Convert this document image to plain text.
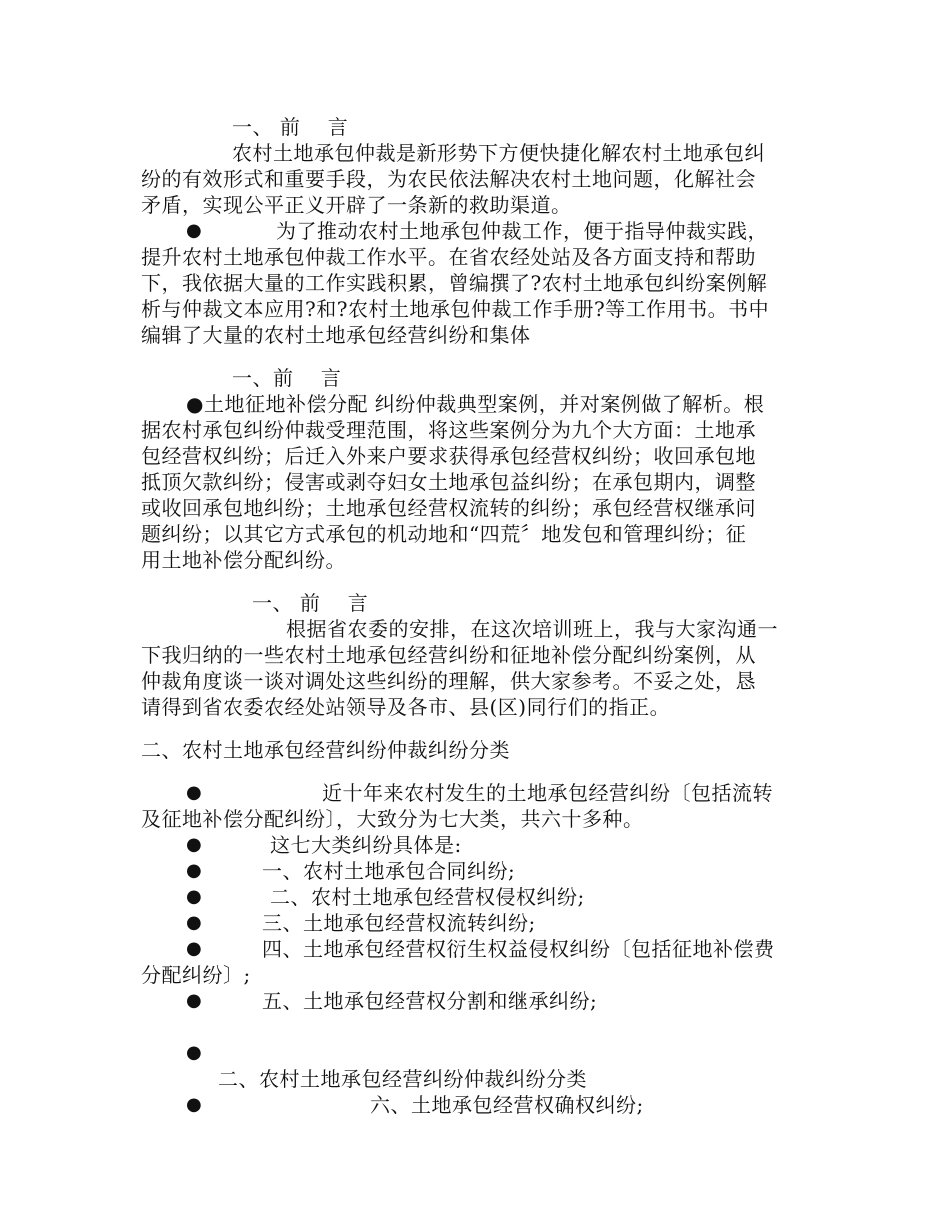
一、 前    言
农村土地承包仲裁是新形势下方便快捷化解农村土地承包纠
纷的有效形式和重要手段，为农民依法解决农村土地问题，化解社会
矛盾，实现公平正义开辟了一条新的救助渠道。
●	为了推动农村土地承包仲裁工作，便于指导仲裁实践，
提升农村土地承包仲裁工作水平。在省农经处站及各方面支持和帮助
下，我依据大量的工作实践积累，曾编撰了?农村土地承包纠纷案例解
析与仲裁文本应用?和?农村土地承包仲裁工作手册?等工作用书。书中
编辑了大量的农村土地承包经营纠纷和集体
一、前    言
●土地征地补偿分配 纠纷仲裁典型案例，并对案例做了解析。根
据农村承包纠纷仲裁受理范围，将这些案例分为九个大方面：土地承
包经营权纠纷；后迁入外来户要求获得承包经营权纠纷；收回承包地
抵顶欠款纠纷；侵害或剥夺妇女土地承包益纠纷；在承包期内，调整
或收回承包地纠纷；土地承包经营权流转的纠纷；承包经营权继承问
题纠纷；以其它方式承包的机动地和“四荒〞地发包和管理纠纷；征
用土地补偿分配纠纷。
一、 前    言
根据省农委的安排，在这次培训班上，我与大家沟通一
下我归纳的一些农村土地承包经营纠纷和征地补偿分配纠纷案例，从
仲裁角度谈一谈对调处这些纠纷的理解，供大家参考。不妥之处，恳
请得到省农委农经处站领导及各市、县(区)同行们的指正。
二、农村土地承包经营纠纷仲裁纠纷分类
●	近十年来农村发生的土地承包经营纠纷〔包括流转
及征地补偿分配纠纷〕，大致分为七大类，共六十多种。
●	这七大类纠纷具体是:
●	一、农村土地承包合同纠纷;
●	二、农村土地承包经营权侵权纠纷;
●	三、土地承包经营权流转纠纷;
●	四、土地承包经营权衍生权益侵权纠纷〔包括征地补偿费
分配纠纷〕;
●	五、土地承包经营权分割和继承纠纷;
●
二、农村土地承包经营纠纷仲裁纠纷分类
●	六、土地承包经营权确权纠纷;
